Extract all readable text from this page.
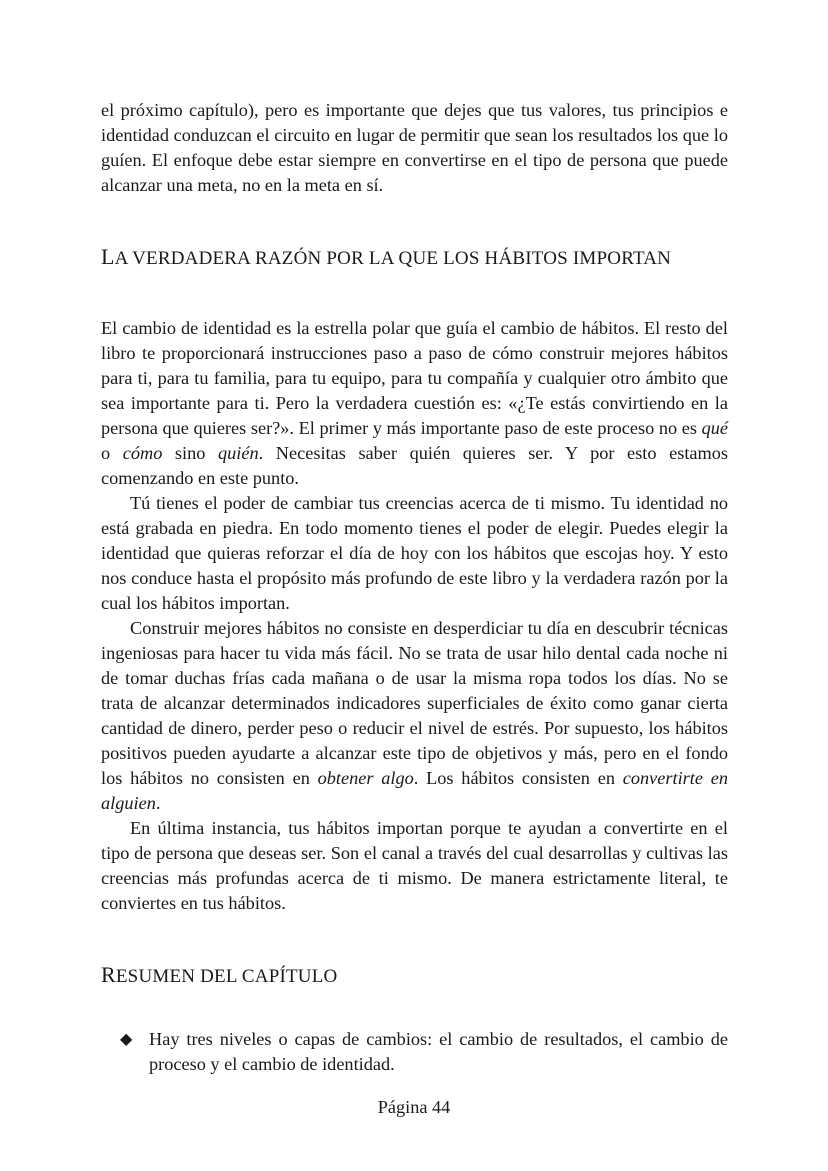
el próximo capítulo), pero es importante que dejes que tus valores, tus principios e identidad conduzcan el circuito en lugar de permitir que sean los resultados los que lo guíen. El enfoque debe estar siempre en convertirse en el tipo de persona que puede alcanzar una meta, no en la meta en sí.

LA VERDADERA RAZÓN POR LA QUE LOS HÁBITOS IMPORTAN

El cambio de identidad es la estrella polar que guía el cambio de hábitos. El resto del libro te proporcionará instrucciones paso a paso de cómo construir mejores hábitos para ti, para tu familia, para tu equipo, para tu compañía y cualquier otro ámbito que sea importante para ti. Pero la verdadera cuestión es: «¿Te estás convirtiendo en la persona que quieres ser?». El primer y más importante paso de este proceso no es qué o cómo sino quién. Necesitas saber quién quieres ser. Y por esto estamos comenzando en este punto.

Tú tienes el poder de cambiar tus creencias acerca de ti mismo. Tu identidad no está grabada en piedra. En todo momento tienes el poder de elegir. Puedes elegir la identidad que quieras reforzar el día de hoy con los hábitos que escojas hoy. Y esto nos conduce hasta el propósito más profundo de este libro y la verdadera razón por la cual los hábitos importan.

Construir mejores hábitos no consiste en desperdiciar tu día en descubrir técnicas ingeniosas para hacer tu vida más fácil. No se trata de usar hilo dental cada noche ni de tomar duchas frías cada mañana o de usar la misma ropa todos los días. No se trata de alcanzar determinados indicadores superficiales de éxito como ganar cierta cantidad de dinero, perder peso o reducir el nivel de estrés. Por supuesto, los hábitos positivos pueden ayudarte a alcanzar este tipo de objetivos y más, pero en el fondo los hábitos no consisten en obtener algo. Los hábitos consisten en convertirte en alguien.

En última instancia, tus hábitos importan porque te ayudan a convertirte en el tipo de persona que deseas ser. Son el canal a través del cual desarrollas y cultivas las creencias más profundas acerca de ti mismo. De manera estrictamente literal, te conviertes en tus hábitos.

RESUMEN DEL CAPÍTULO
◆ Hay tres niveles o capas de cambios: el cambio de resultados, el cambio de proceso y el cambio de identidad.
Página 44
